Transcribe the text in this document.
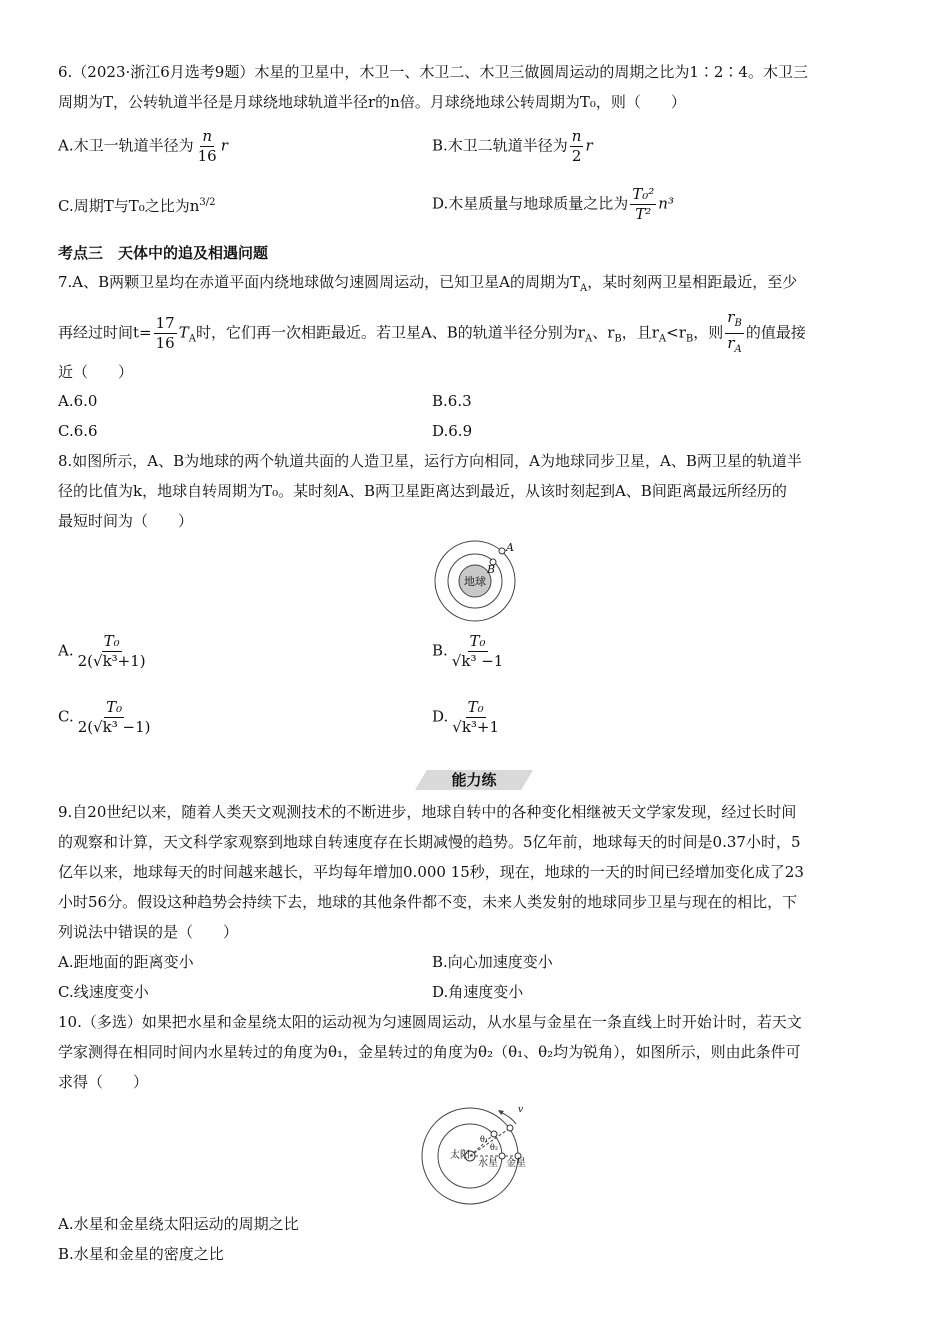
6.（2023·浙江6月选考9题）木星的卫星中，木卫一、木卫二、木卫三做圆周运动的周期之比为1∶2∶4。木卫三
周期为T，公转轨道半径是月球绕地球轨道半径r的n倍。月球绕地球公转周期为T₀，则（　　）
A.木卫一轨道半径为 $\frac{n}{16}$ r	B.木卫二轨道半径为 $\frac{n}{2}$ r
C.周期T与T₀之比为$n^{3/2}$	D.木星质量与地球质量之比为 $\frac{\text{T₀²}}{\text{T²}} n^3$
考点三　天体中的追及相遇问题
7.A、B两颗卫星均在赤道平面内绕地球做匀速圆周运动，已知卫星A的周期为$T_A$，某时刻两卫星相距最近，至少
再经过时间$t= \frac{17}{16} T_A$时，它们再一次相距最近。若卫星A、B的轨道半径分别为$r_A$、$r_B$，且$r_A<r_B$，则 $\frac{r_B}{r_A}$ 的值最接
近（　　）
A.6.0	B.6.3
C.6.6	D.6.9
8.如图所示，A、B为地球的两个轨道共面的人造卫星，运行方向相同，A为地球同步卫星，A、B两卫星的轨道半
径的比值为k，地球自转周期为T₀。某时刻A、B两卫星距离达到最近，从该时刻起到A、B间距离最远所经历的
最短时间为（　　）
地球
A
B
A. $\frac{\text{T₀}}{\text{2(√k³+1)}}$	B. $\frac{\text{T₀}}{\text{√k³ −1}}$
C. $\frac{\text{T₀}}{\text{2(√k³ −1)}}$	D. $\frac{\text{T₀}}{\text{√k³+1}}$
能力练
9.自20世纪以来，随着人类天文观测技术的不断进步，地球自转中的各种变化相继被天文学家发现，经过长时间
的观察和计算，天文科学家观察到地球自转速度存在长期减慢的趋势。5亿年前，地球每天的时间是0.37小时，5
亿年以来，地球每天的时间越来越长，平均每年增加0.000 15秒，现在，地球的一天的时间已经增加变化成了23
小时56分。假设这种趋势会持续下去，地球的其他条件都不变，未来人类发射的地球同步卫星与现在的相比，下
列说法中错误的是（　　）
A.距地面的距离变小	B.向心加速度变小
C.线速度变小	D.角速度变小
10.（多选）如果把水星和金星绕太阳的运动视为匀速圆周运动，从水星与金星在一条直线上时开始计时，若天文
学家测得在相同时间内水星转过的角度为θ₁，金星转过的角度为θ₂（θ₁、θ₂均为锐角），如图所示，则由此条件可
求得（　　）
v
θ₁
θ₂
太阳
水星 金星
A.水星和金星绕太阳运动的周期之比
B.水星和金星的密度之比
